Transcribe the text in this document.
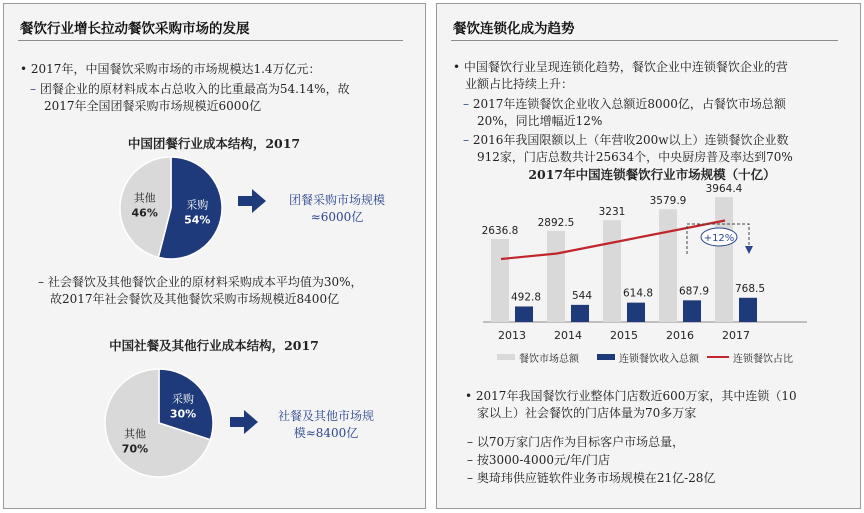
餐饮行业增长拉动餐饮采购市场的发展
• 2017年，中国餐饮采购市场的市场规模达1.4万亿元：
– 团餐企业的原材料成本占总收入的比重最高为54.14%，故
2017年全国团餐采购市场规模近6000亿
中国团餐行业成本结构，2017
采购
54%
其他
46%
团餐采购市场规模
≈6000亿
– 社会餐饮及其他餐饮企业的原材料采购成本平均值为30%，
故2017年社会餐饮及其他餐饮采购市场规模近8400亿
中国社餐及其他行业成本结构，2017
采购
30%
其他
70%
社餐及其他市场规
模≈8400亿
餐饮连锁化成为趋势
• 中国餐饮行业呈现连锁化趋势，餐饮企业中连锁餐饮企业的营
业额占比持续上升：
– 2017年连锁餐饮企业收入总额近8000亿，占餐饮市场总额
20%，同比增幅近12%
– 2016年我国限额以上（年营收200w以上）连锁餐饮企业数
912家，门店总数共计25634个，中央厨房普及率达到70%
2017年中国连锁餐饮行业市场规模（十亿）
2636.8
492.8
2013
2892.5
544
2014
3231
614.8
2015
3579.9
687.9
2016
3964.4
768.5
2017
+12%
餐饮市场总额	连锁餐饮收入总额	连锁餐饮占比
• 2017年我国餐饮行业整体门店数近600万家，其中连锁（10
家以上）社会餐饮的门店体量为70多万家
– 以70万家门店作为目标客户市场总量，
– 按3000-4000元/年/门店
– 奥琦玮供应链软件业务市场规模在21亿-28亿
